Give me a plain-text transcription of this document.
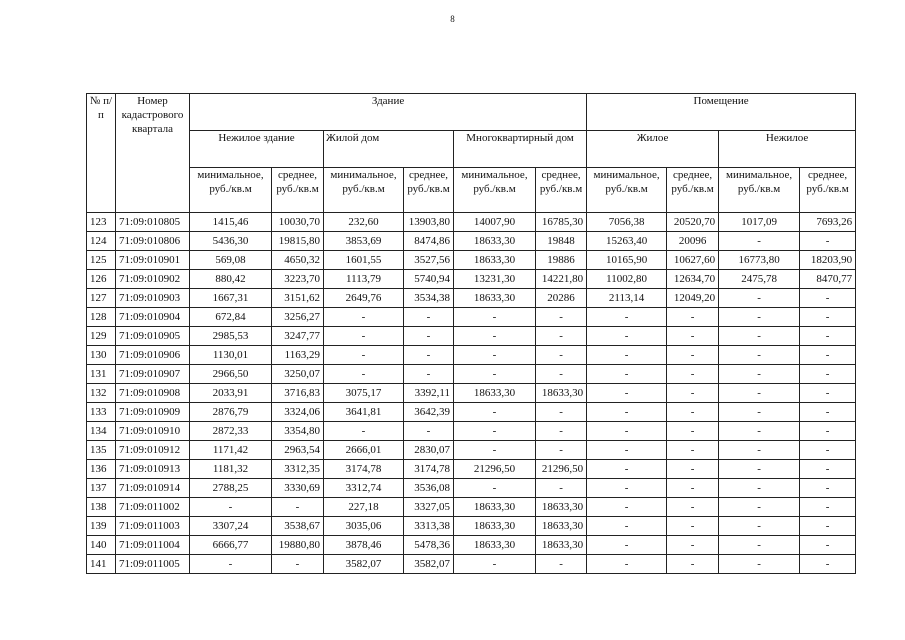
8
№ п/п	Номер кадастрового квартала	Здание						Помещение			
		Нежилое здание		Жилой дом		Многоквартирный дом		Жилое		Нежилое	
		минимальное, руб./кв.м	среднее, руб./кв.м	минимальное, руб./кв.м	среднее, руб./кв.м	минимальное, руб./кв.м	среднее, руб./кв.м	минимальное, руб./кв.м	среднее, руб./кв.м	минимальное, руб./кв.м	среднее, руб./кв.м
123	71:09:010805	1415,46	10030,70	232,60	13903,80	14007,90	16785,30	7056,38	20520,70	1017,09	7693,26
124	71:09:010806	5436,30	19815,80	3853,69	8474,86	18633,30	19848	15263,40	20096	-	-
125	71:09:010901	569,08	4650,32	1601,55	3527,56	18633,30	19886	10165,90	10627,60	16773,80	18203,90
126	71:09:010902	880,42	3223,70	1113,79	5740,94	13231,30	14221,80	11002,80	12634,70	2475,78	8470,77
127	71:09:010903	1667,31	3151,62	2649,76	3534,38	18633,30	20286	2113,14	12049,20	-	-
128	71:09:010904	672,84	3256,27	-	-	-	-	-	-	-	-
129	71:09:010905	2985,53	3247,77	-	-	-	-	-	-	-	-
130	71:09:010906	1130,01	1163,29	-	-	-	-	-	-	-	-
131	71:09:010907	2966,50	3250,07	-	-	-	-	-	-	-	-
132	71:09:010908	2033,91	3716,83	3075,17	3392,11	18633,30	18633,30	-	-	-	-
133	71:09:010909	2876,79	3324,06	3641,81	3642,39	-	-	-	-	-	-
134	71:09:010910	2872,33	3354,80	-	-	-	-	-	-	-	-
135	71:09:010912	1171,42	2963,54	2666,01	2830,07	-	-	-	-	-	-
136	71:09:010913	1181,32	3312,35	3174,78	3174,78	21296,50	21296,50	-	-	-	-
137	71:09:010914	2788,25	3330,69	3312,74	3536,08	-	-	-	-	-	-
138	71:09:011002	-	-	227,18	3327,05	18633,30	18633,30	-	-	-	-
139	71:09:011003	3307,24	3538,67	3035,06	3313,38	18633,30	18633,30	-	-	-	-
140	71:09:011004	6666,77	19880,80	3878,46	5478,36	18633,30	18633,30	-	-	-	-
141	71:09:011005	-	-	3582,07	3582,07	-	-	-	-	-	-
